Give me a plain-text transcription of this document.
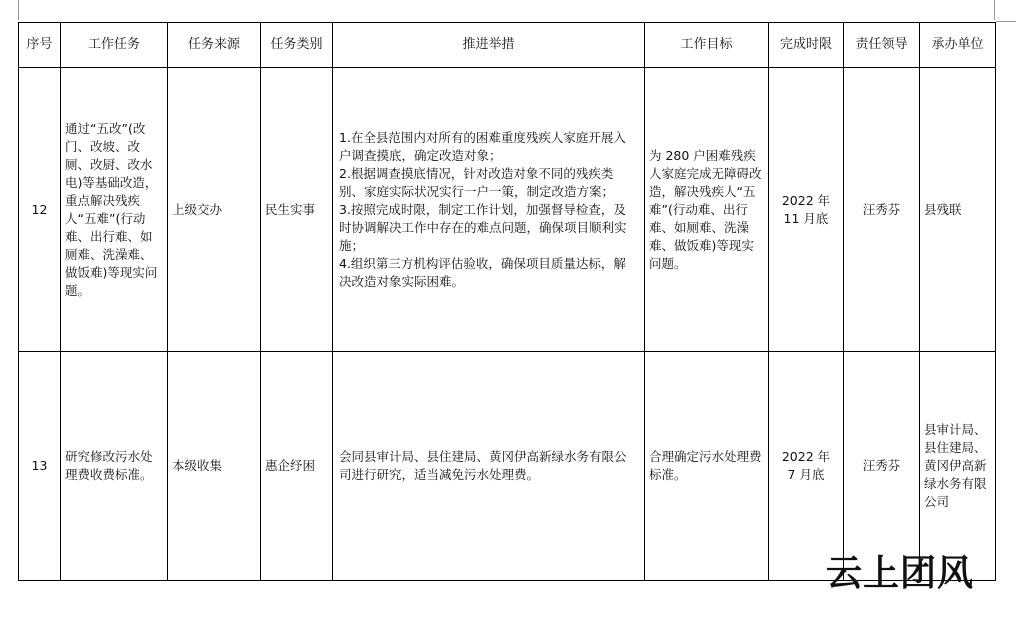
序号	工作任务	任务来源	任务类别	推进举措	工作目标	完成时限	责任领导	承办单位
12	通过“五改”(改门、改坡、改厕、改厨、改水电)等基础改造，重点解决残疾人“五难”(行动难、出行难、如厕难、洗澡难、做饭难)等现实问题。	上级交办	民生实事	1.在全县范围内对所有的困难重度残疾人家庭开展入户调查摸底，确定改造对象；
2.根据调查摸底情况，针对改造对象不同的残疾类别、家庭实际状况实行一户一策，制定改造方案；
3.按照完成时限，制定工作计划，加强督导检查，及时协调解决工作中存在的难点问题，确保项目顺利实施；
4.组织第三方机构评估验收，确保项目质量达标，解决改造对象实际困难。	为 280 户困难残疾人家庭完成无障碍改造，解决残疾人“五难”(行动难、出行难、如厕难、洗澡难、做饭难)等现实问题。	2022 年
11 月底	汪秀芬	县残联
13	研究修改污水处理费收费标准。	本级收集	惠企纾困	会同县审计局、县住建局、黄冈伊高新绿水务有限公司进行研究，适当减免污水处理费。	合理确定污水处理费标准。	2022 年
7 月底	汪秀芬	县审计局、县住建局、黄冈伊高新绿水务有限公司
云上团风
